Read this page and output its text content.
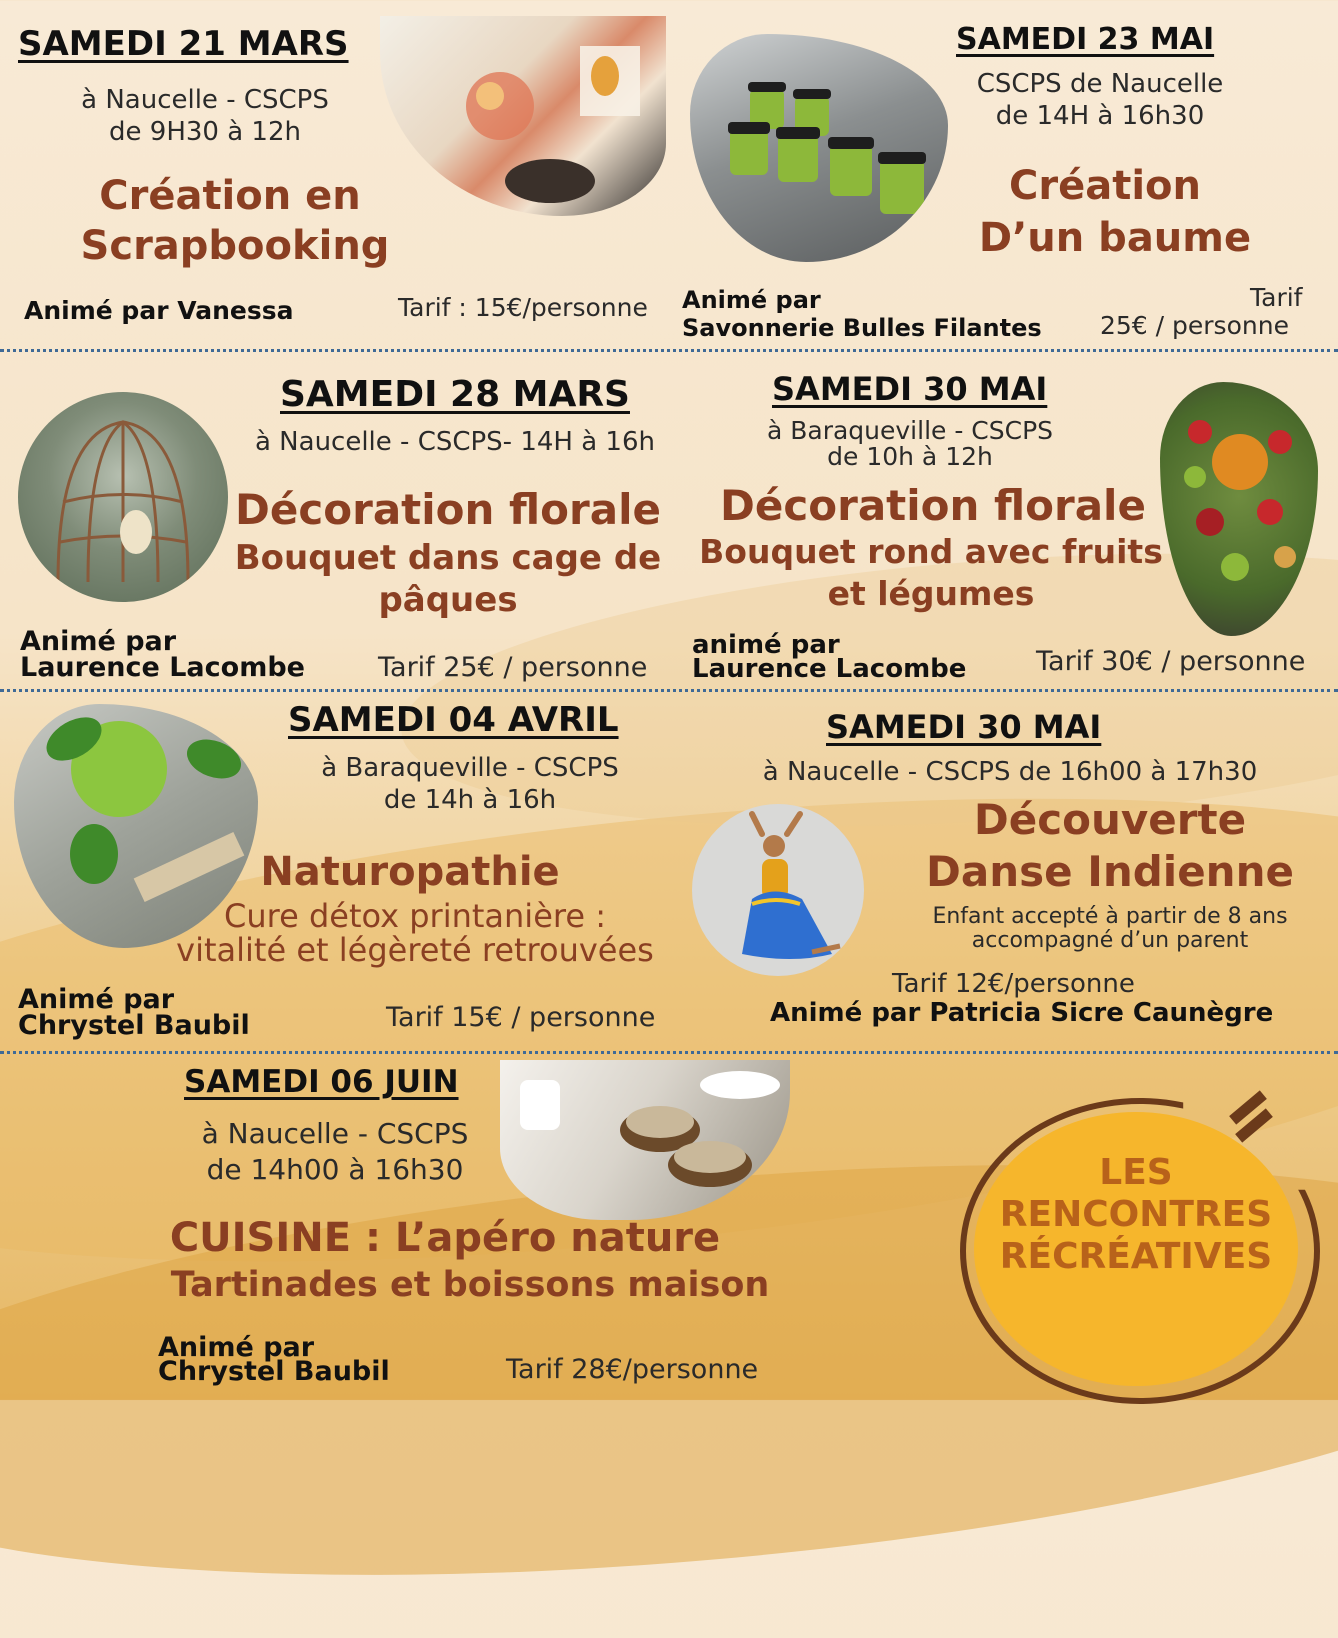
SAMEDI 21 MARS
à Naucelle - CSCPS
de 9H30 à 12h
Création en
Scrapbooking
Animé par Vanessa	Tarif : 15€/personne
SAMEDI 23 MAI
CSCPS de Naucelle
de 14H à 16h30
Création
D’un baume
Animé par
Savonnerie Bulles Filantes
Tarif
25€ / personne
SAMEDI 28 MARS
à Naucelle - CSCPS- 14H à 16h
Décoration florale
Bouquet dans cage de
pâques
Animé par
Laurence Lacombe	Tarif 25€ / personne
SAMEDI 30 MAI
à Baraqueville - CSCPS
de 10h à 12h
Décoration florale
Bouquet rond avec fruits
et légumes
animé par
Laurence Lacombe	Tarif 30€ / personne
SAMEDI 04 AVRIL
à Baraqueville - CSCPS
de 14h à 16h
Naturopathie
Cure détox printanière :
vitalité et légèreté retrouvées
Animé par
Chrystel Baubil	Tarif 15€ / personne
SAMEDI 30 MAI
à Naucelle - CSCPS de 16h00 à 17h30
Découverte
Danse Indienne
Enfant accepté à partir de 8 ans
accompagné d’un parent
Tarif 12€/personne
Animé par Patricia Sicre Caunègre
SAMEDI 06 JUIN
à Naucelle - CSCPS
de 14h00 à 16h30
CUISINE : L’apéro nature
Tartinades et boissons maison
Animé par
Chrystel Baubil	Tarif 28€/personne
LES
RENCONTRES
RÉCRÉATIVES
